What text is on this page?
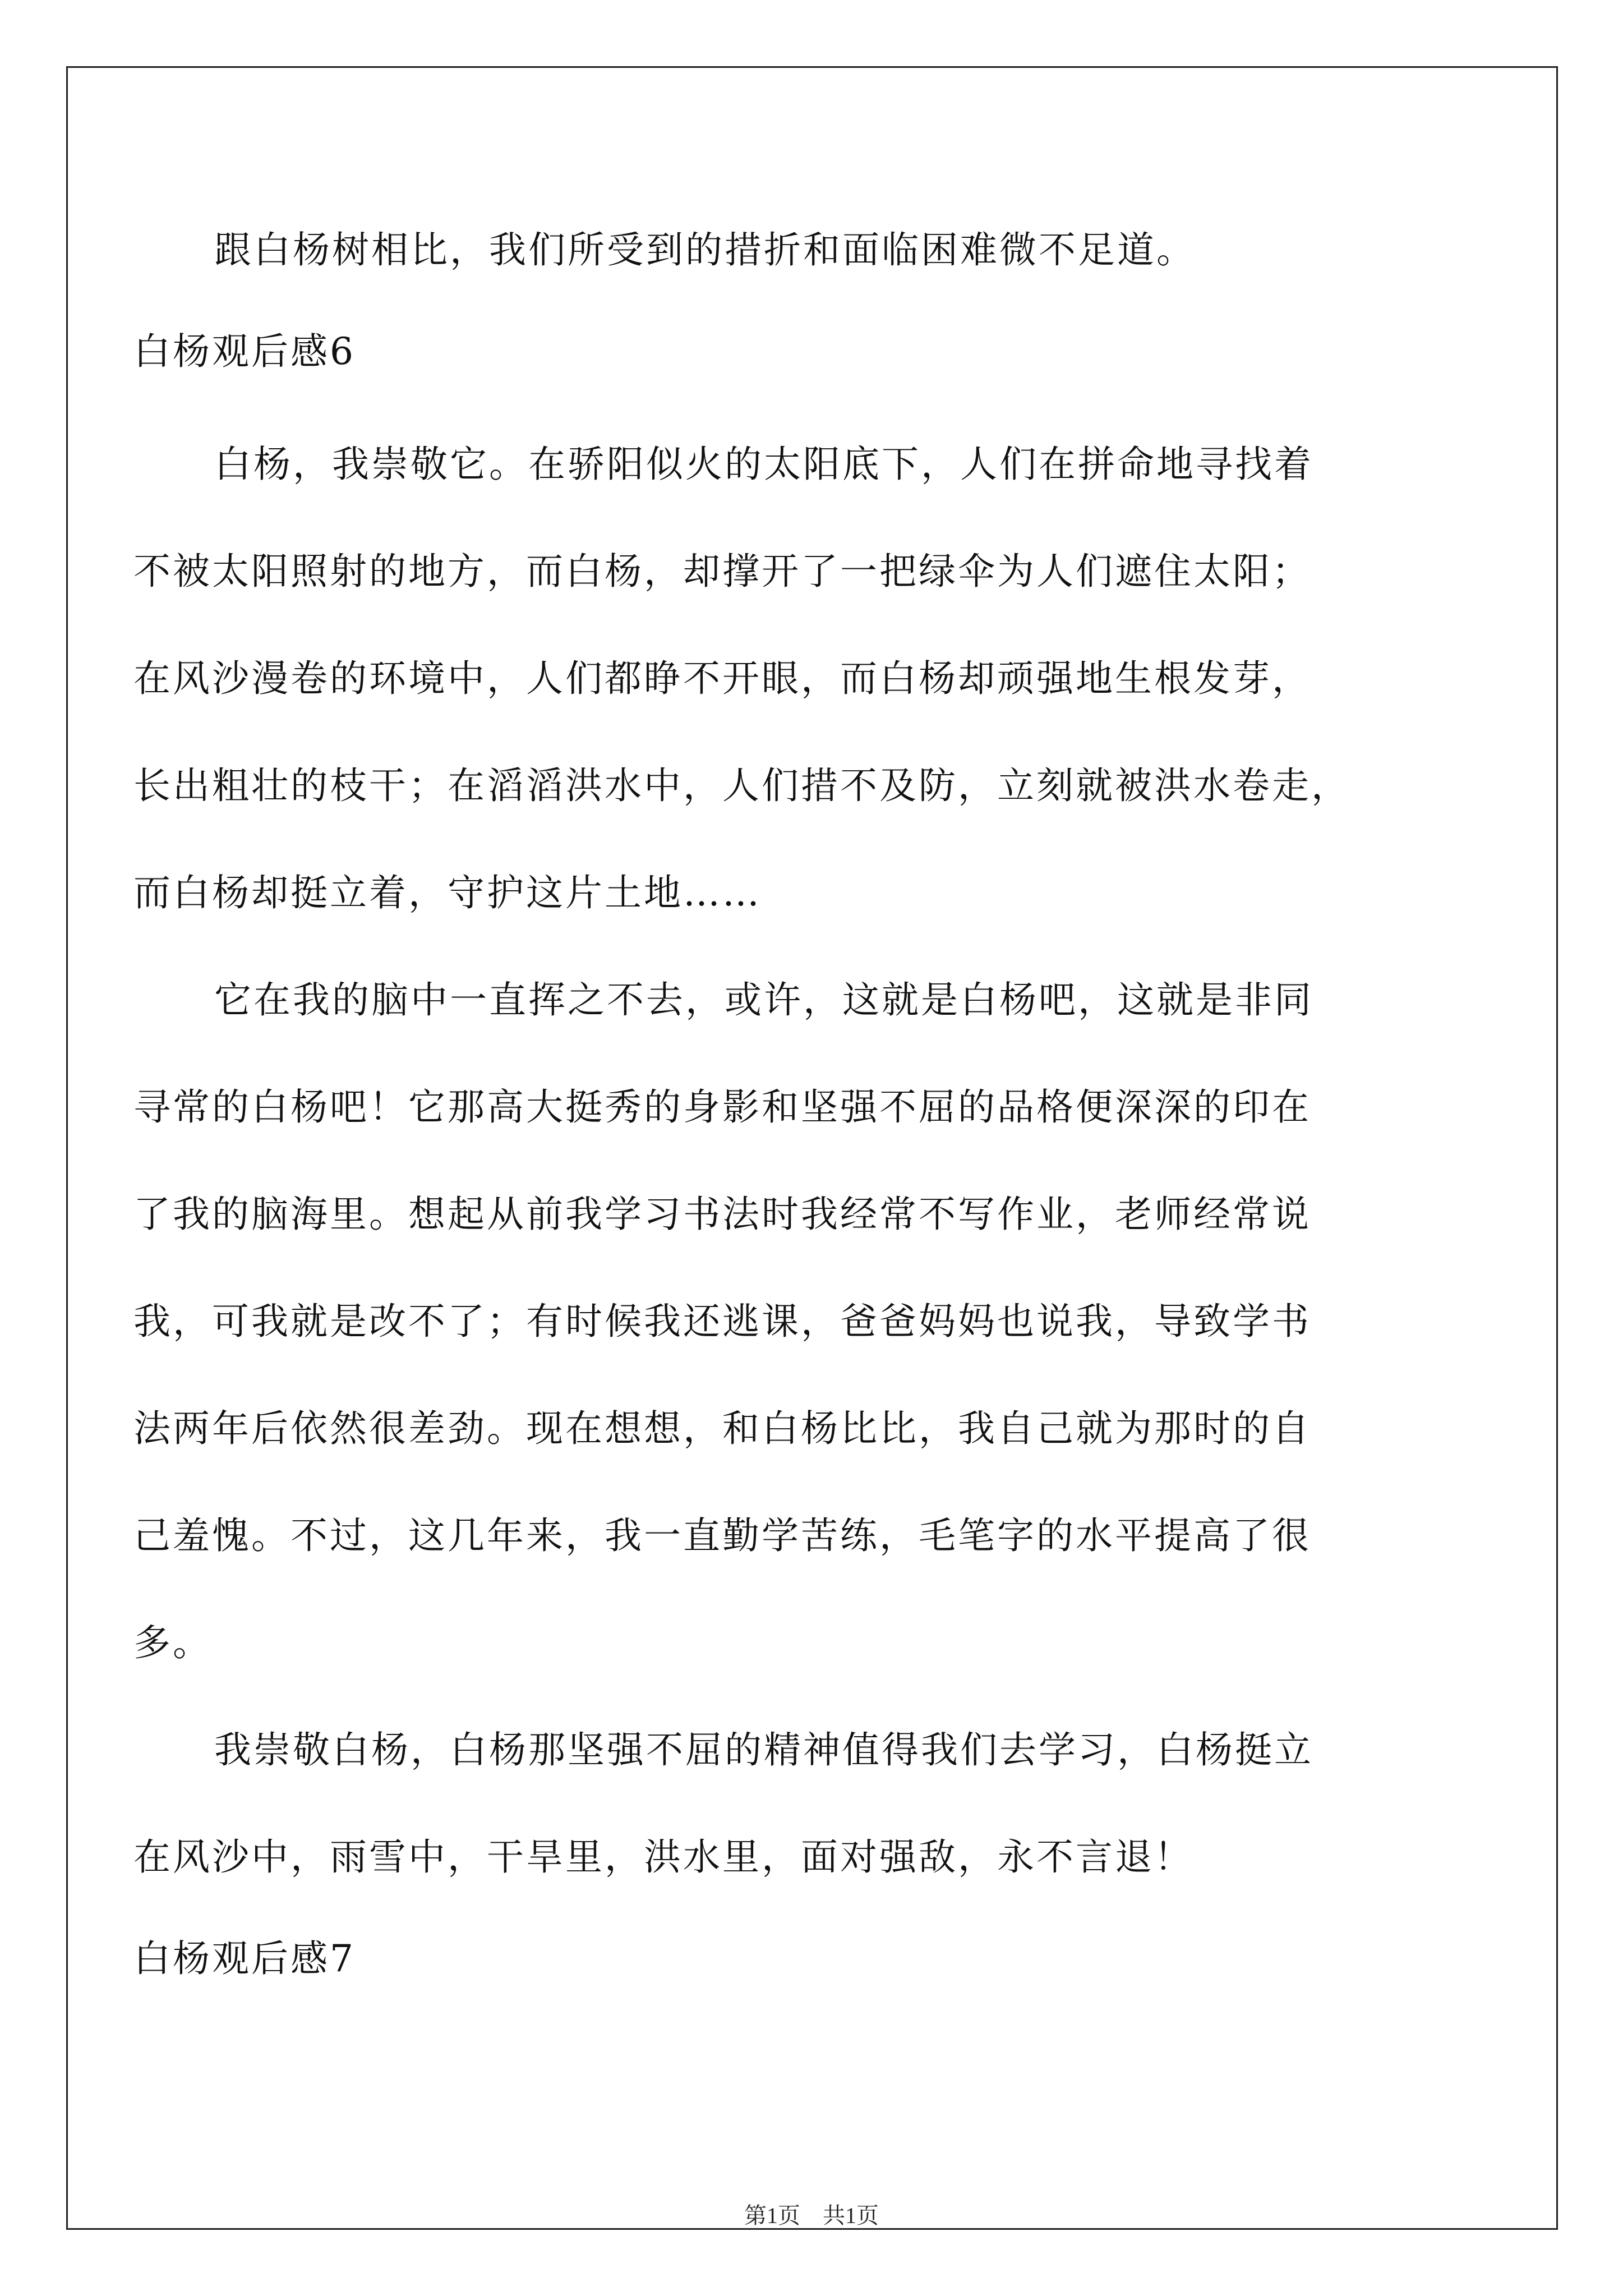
跟白杨树相比，我们所受到的措折和面临困难微不足道。
白杨观后感6
白杨，我崇敬它。在骄阳似火的太阳底下，人们在拼命地寻找着
不被太阳照射的地方，而白杨，却撑开了一把绿伞为人们遮住太阳；
在风沙漫卷的环境中，人们都睁不开眼，而白杨却顽强地生根发芽，
长出粗壮的枝干；在滔滔洪水中，人们措不及防，立刻就被洪水卷走，
而白杨却挺立着，守护这片土地……
它在我的脑中一直挥之不去，或许，这就是白杨吧，这就是非同
寻常的白杨吧！它那高大挺秀的身影和坚强不屈的品格便深深的印在
了我的脑海里。想起从前我学习书法时我经常不写作业，老师经常说
我，可我就是改不了；有时候我还逃课，爸爸妈妈也说我，导致学书
法两年后依然很差劲。现在想想，和白杨比比，我自己就为那时的自
己羞愧。不过，这几年来，我一直勤学苦练，毛笔字的水平提高了很
多。
我崇敬白杨，白杨那坚强不屈的精神值得我们去学习，白杨挺立
在风沙中，雨雪中，干旱里，洪水里，面对强敌，永不言退！
白杨观后感7
第1页　共1页
